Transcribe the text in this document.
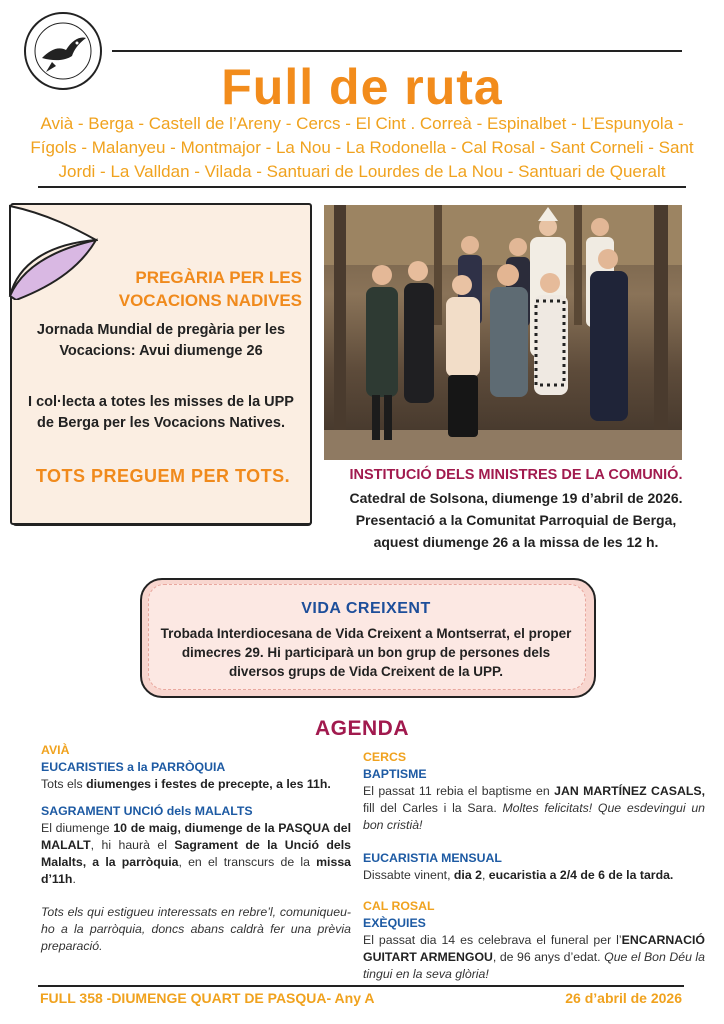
Full de ruta
Avià - Berga - Castell de l’Areny - Cercs - El Cint . Correà - Espinalbet - L’Espunyola - Fígols - Malanyeu - Montmajor - La Nou - La Rodonella - Cal Rosal - Sant Corneli - Sant Jordi - La Valldan - Vilada - Santuari de Lourdes de La Nou - Santuari de Queralt
PREGÀRIA PER LES
VOCACIONS NADIVES
Jornada Mundial de pregària per les Vocacions: Avui diumenge 26
I col·lecta a totes les misses de la UPP de Berga per les Vocacions Natives.
TOTS PREGUEM PER TOTS.	INSTITUCIÓ DELS MINISTRES DE LA COMUNIÓ.
Catedral de Solsona, diumenge 19 d’abril de 2026.
Presentació a la Comunitat Parroquial de Berga,
aquest diumenge 26 a la missa de les 12 h.
VIDA CREIXENT
Trobada Interdiocesana de Vida Creixent a Montserrat, el proper dimecres 29. Hi participarà un bon grup de persones dels diversos grups de Vida Creixent de la UPP.
AGENDA

AVIÀ

EUCARISTIES a la PARRÒQUIA

Tots els diumenges i festes de precepte, a les 11h.

SAGRAMENT UNCIÓ dels MALALTS

El diumenge 10 de maig, diumenge de la PASQUA del MALALT, hi haurà el Sagrament de la Unció dels Malalts, a la parròquia, en el transcurs de la missa d’11h.

Tots els qui estigueu interessats en rebre’l, comuniqueu-ho a la parròquia, doncs abans caldrà fer una prèvia preparació.

CERCS

BAPTISME

El passat 11 rebia el baptisme en JAN MARTÍNEZ CASALS, fill del Carles i la Sara. Moltes felicitats! Que esdevingui un bon cristià!

EUCARISTIA MENSUAL

Dissabte vinent, dia 2, eucaristia a 2/4 de 6 de la tarda.

CAL ROSAL

EXÈQUIES

El passat dia 14 es celebrava el funeral per l’ENCARNACIÓ GUITART ARMENGOU, de 96 anys d’edat. Que el Bon Déu la tingui en la seva glòria!

FULL 358 -DIUMENGE QUART DE PASQUA- Any A	26 d’abril de 2026
